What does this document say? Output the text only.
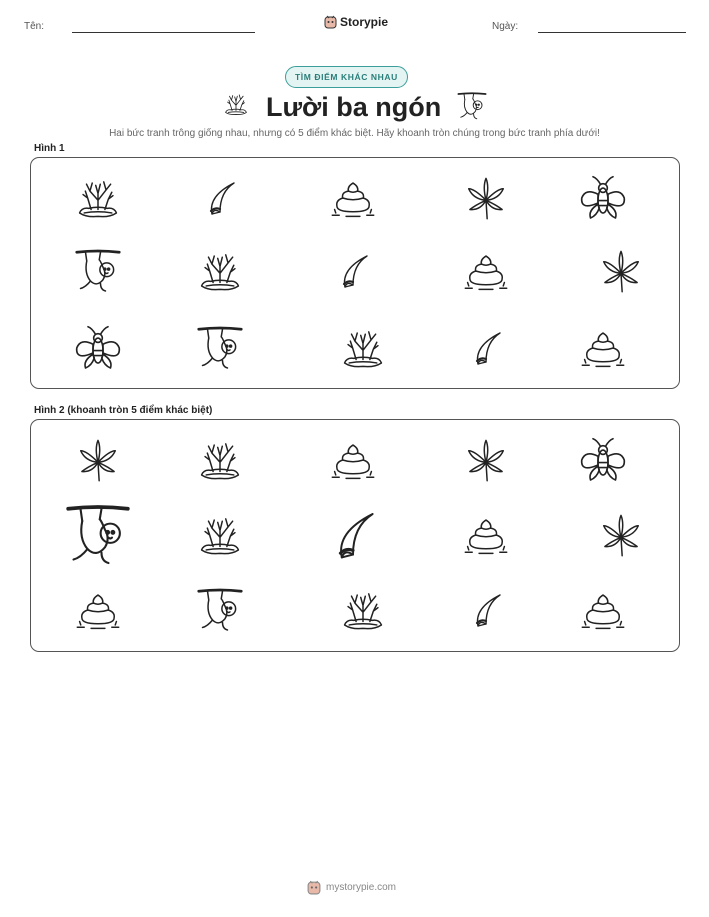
Tên:	Storypie	Ngày:
TÌM ĐIỂM KHÁC NHAU
Lười ba ngón
Hai bức tranh trông giống nhau, nhưng có 5 điểm khác biệt. Hãy khoanh tròn chúng trong bức tranh phía dưới!
Hình 1
Hình 2 (khoanh tròn 5 điểm khác biệt)
mystorypie.com
